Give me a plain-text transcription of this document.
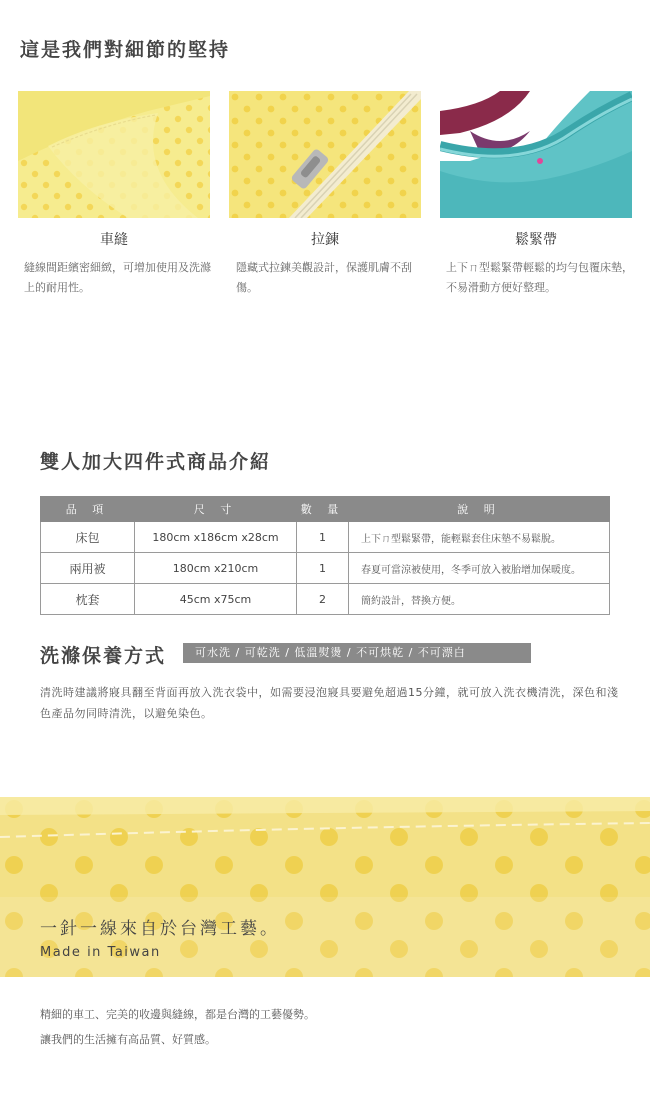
這是我們對細節的堅持
車縫	拉鍊	鬆緊帶
縫線間距繽密細緻，可增加使用及洗滌上的耐用性。
隱藏式拉鍊美觀設計，保護肌膚不刮傷。
上下ㄇ型鬆緊帶輕鬆的均勻包覆床墊，不易滑動方便好整理。
雙人加大四件式商品介紹
品 項	尺 寸	數 量	說 明
床包	180cm x186cm x28cm	1	上下ㄇ型鬆緊帶，能輕鬆套住床墊不易鬆脫。
兩用被	180cm x210cm	1	春夏可當涼被使用，冬季可放入被胎增加保暖度。
枕套	45cm x75cm	2	簡約設計，替換方便。
洗滌保養方式	可水洗 / 可乾洗 / 低溫熨燙 / 不可烘乾 / 不可漂白
清洗時建議將寢具翻至背面再放入洗衣袋中，如需要浸泡寢具要避免超過15分鐘，就可放入洗衣機清洗，深色和淺色產品勿同時清洗，以避免染色。
一針一線來自於台灣工藝。
Made in Taiwan
精細的車工、完美的收邊與縫線，都是台灣的工藝優勢。
讓我們的生活擁有高品質、好質感。
